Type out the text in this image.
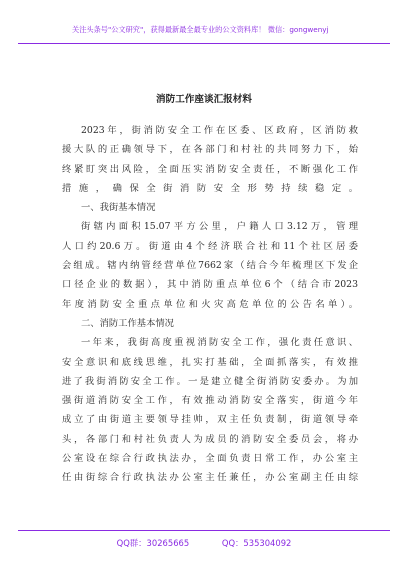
关注头条号"公文研究"，获得最新最全最专业的公文资料库！ 微信：gongwenyj
消防工作座谈汇报材料
2023年，街消防安全工作在区委、区政府，区消防救
援大队的正确领导下，在各部门和村社的共同努力下，始
终紧盯突出风险，全面压实消防安全责任，不断强化工作
措施，确保全街消防安全形势持续稳定。
一、我街基本情况
街辖内面积15.07平方公里，户籍人口3.12万，管理
人口约20.6万。街道由4个经济联合社和11个社区居委
会组成。辖内纳管经营单位7662家（结合今年梳理区下发企
口径企业的数据），其中消防重点单位6个（结合市2023
年度消防安全重点单位和火灾高危单位的公告名单）。
二、消防工作基本情况
一年来，我街高度重视消防安全工作，强化责任意识、
安全意识和底线思维，扎实打基础，全面抓落实，有效推
进了我街消防安全工作。一是建立健全街消防安委办。为加
强街道消防安全工作，有效推动消防安全落实，街道今年
成立了由街道主要领导挂帅，双主任负责制，街道领导牵
头，各部门和村社负责人为成员的消防安全委员会，将办
公室设在综合行政执法办，全面负责日常工作，办公室主
任由街综合行政执法办公室主任兼任，办公室副主任由综
QQ群：30265665	QQ：535304092
